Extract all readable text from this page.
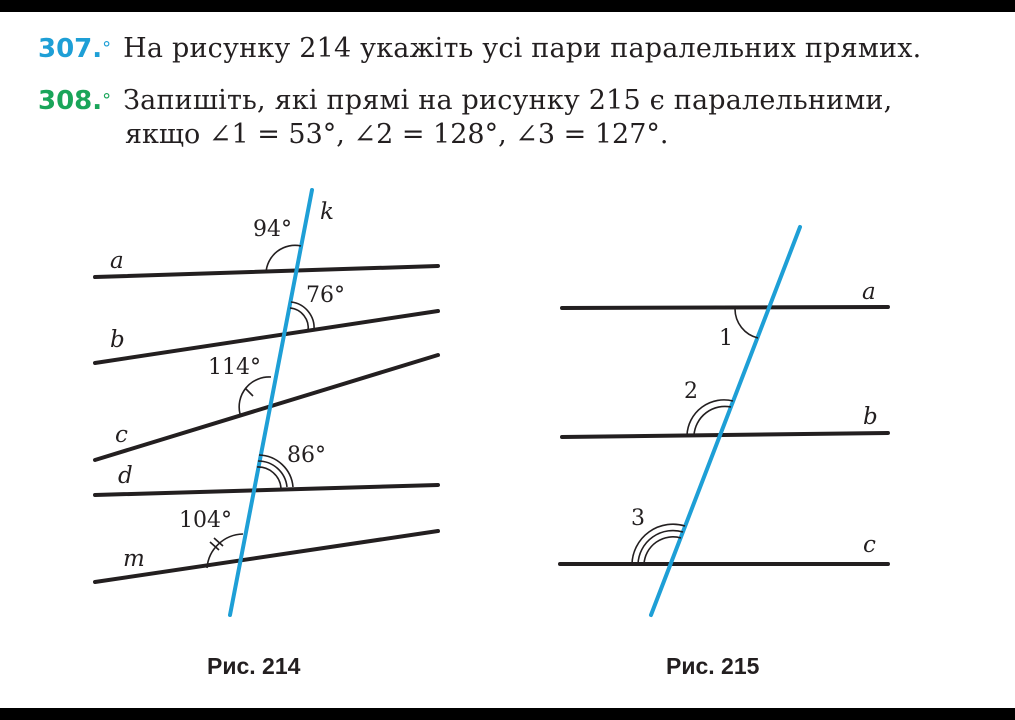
307.° На рисунку 214 укажіть усі пари паралельних прямих.
308.° Запишіть, які прямі на рисунку 215 є паралельними,
якщо ∠1 = 53°, ∠2 = 128°, ∠3 = 127°.
a
b
c
d
m
k
94°
76°
114°
86°
104°
a
b
c
1
2
3
Рис. 214	Рис. 215
